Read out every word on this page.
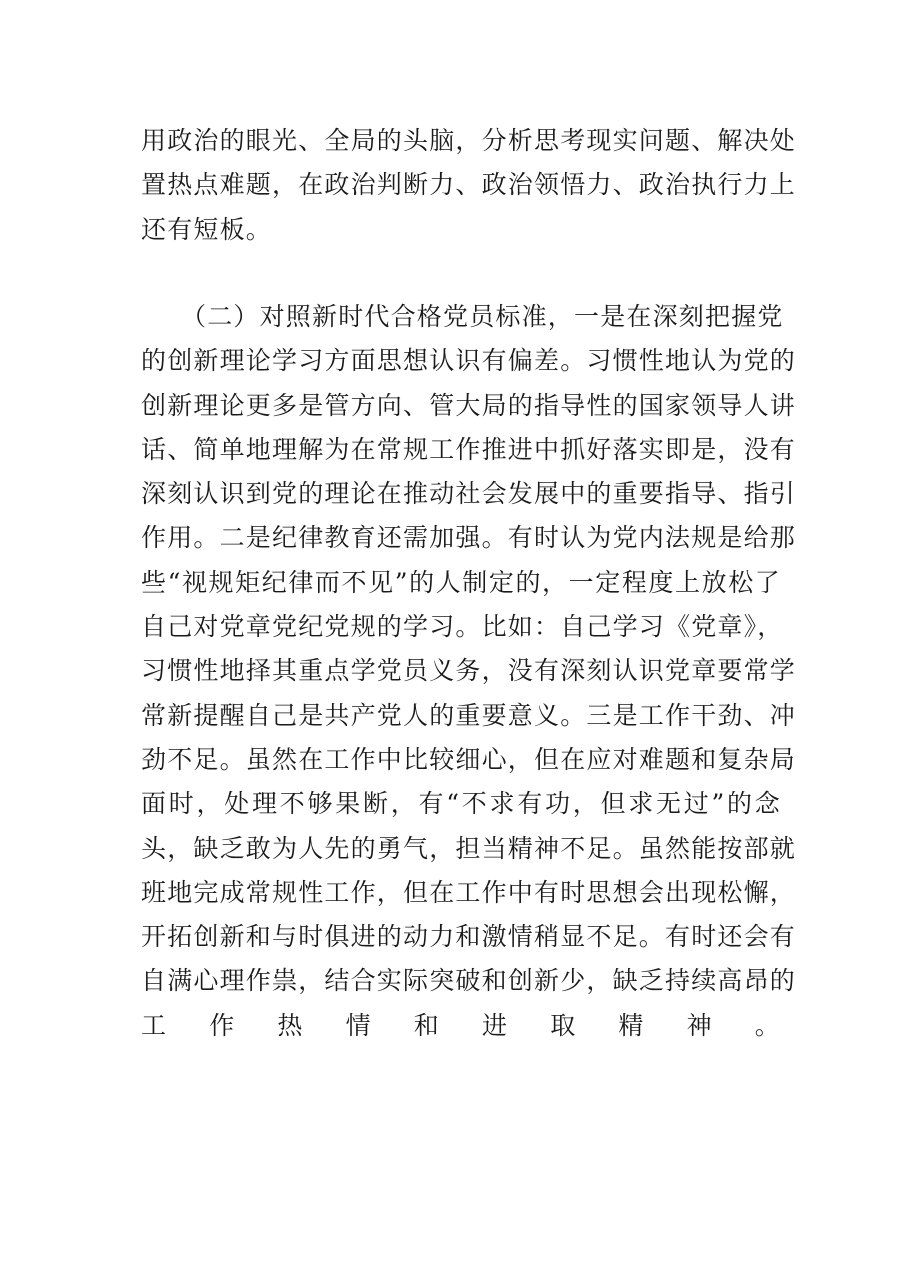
用政治的眼光、全局的头脑，分析思考现实问题、解决处
置热点难题，在政治判断力、政治领悟力、政治执行力上
还有短板。
（二）对照新时代合格党员标准，一是在深刻把握党
的创新理论学习方面思想认识有偏差。习惯性地认为党的
创新理论更多是管方向、管大局的指导性的国家领导人讲
话、简单地理解为在常规工作推进中抓好落实即是，没有
深刻认识到党的理论在推动社会发展中的重要指导、指引
作用。二是纪律教育还需加强。有时认为党内法规是给那
些“视规矩纪律而不见”的人制定的，一定程度上放松了
自己对党章党纪党规的学习。比如：自己学习《党章》，
习惯性地择其重点学党员义务，没有深刻认识党章要常学
常新提醒自己是共产党人的重要意义。三是工作干劲、冲
劲不足。虽然在工作中比较细心，但在应对难题和复杂局
面时，处理不够果断，有“不求有功，但求无过”的念
头，缺乏敢为人先的勇气，担当精神不足。虽然能按部就
班地完成常规性工作，但在工作中有时思想会出现松懈，
开拓创新和与时俱进的动力和激情稍显不足。有时还会有
自满心理作祟，结合实际突破和创新少，缺乏持续高昂的
工作热情和进取精神。
